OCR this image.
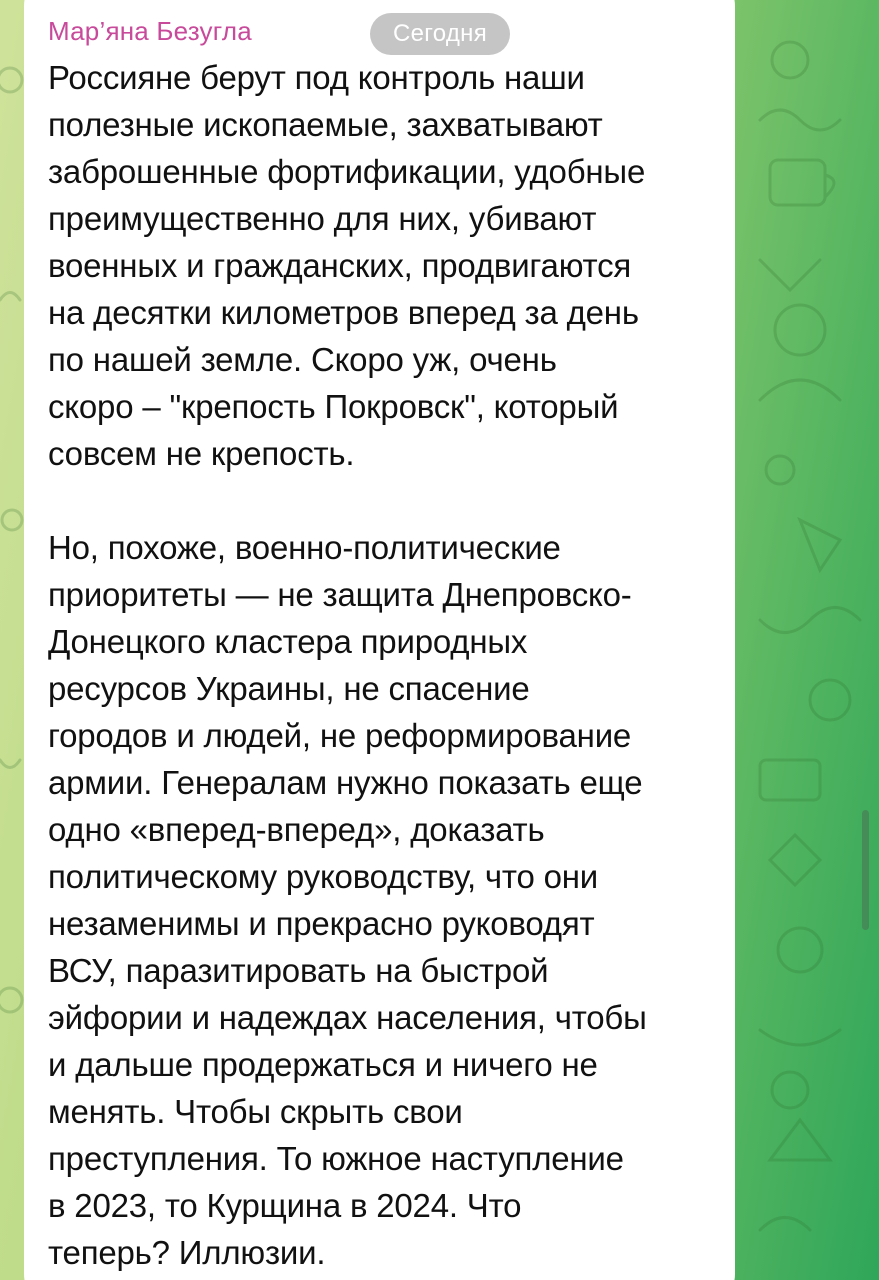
Мар’яна Безугла

Россияне берут под контроль наши
полезные ископаемые, захватывают
заброшенные фортификации, удобные
преимущественно для них, убивают
военных и гражданских, продвигаются
на десятки километров вперед за день
по нашей земле. Скоро уж, очень
скоро – "крепость Покровск", который
совсем не крепость.

Но, похоже, военно-политические
приоритеты — не защита Днепровско-
Донецкого кластера природных
ресурсов Украины, не спасение
городов и людей, не реформирование
армии. Генералам нужно показать еще
одно «вперед-вперед», доказать
политическому руководству, что они
незаменимы и прекрасно руководят
ВСУ, паразитировать на быстрой
эйфории и надеждах населения, чтобы
и дальше продержаться и ничего не
менять. Чтобы скрыть свои
преступления. То южное наступление
в 2023, то Курщина в 2024. Что
теперь? Иллюзии.

Сегодня
